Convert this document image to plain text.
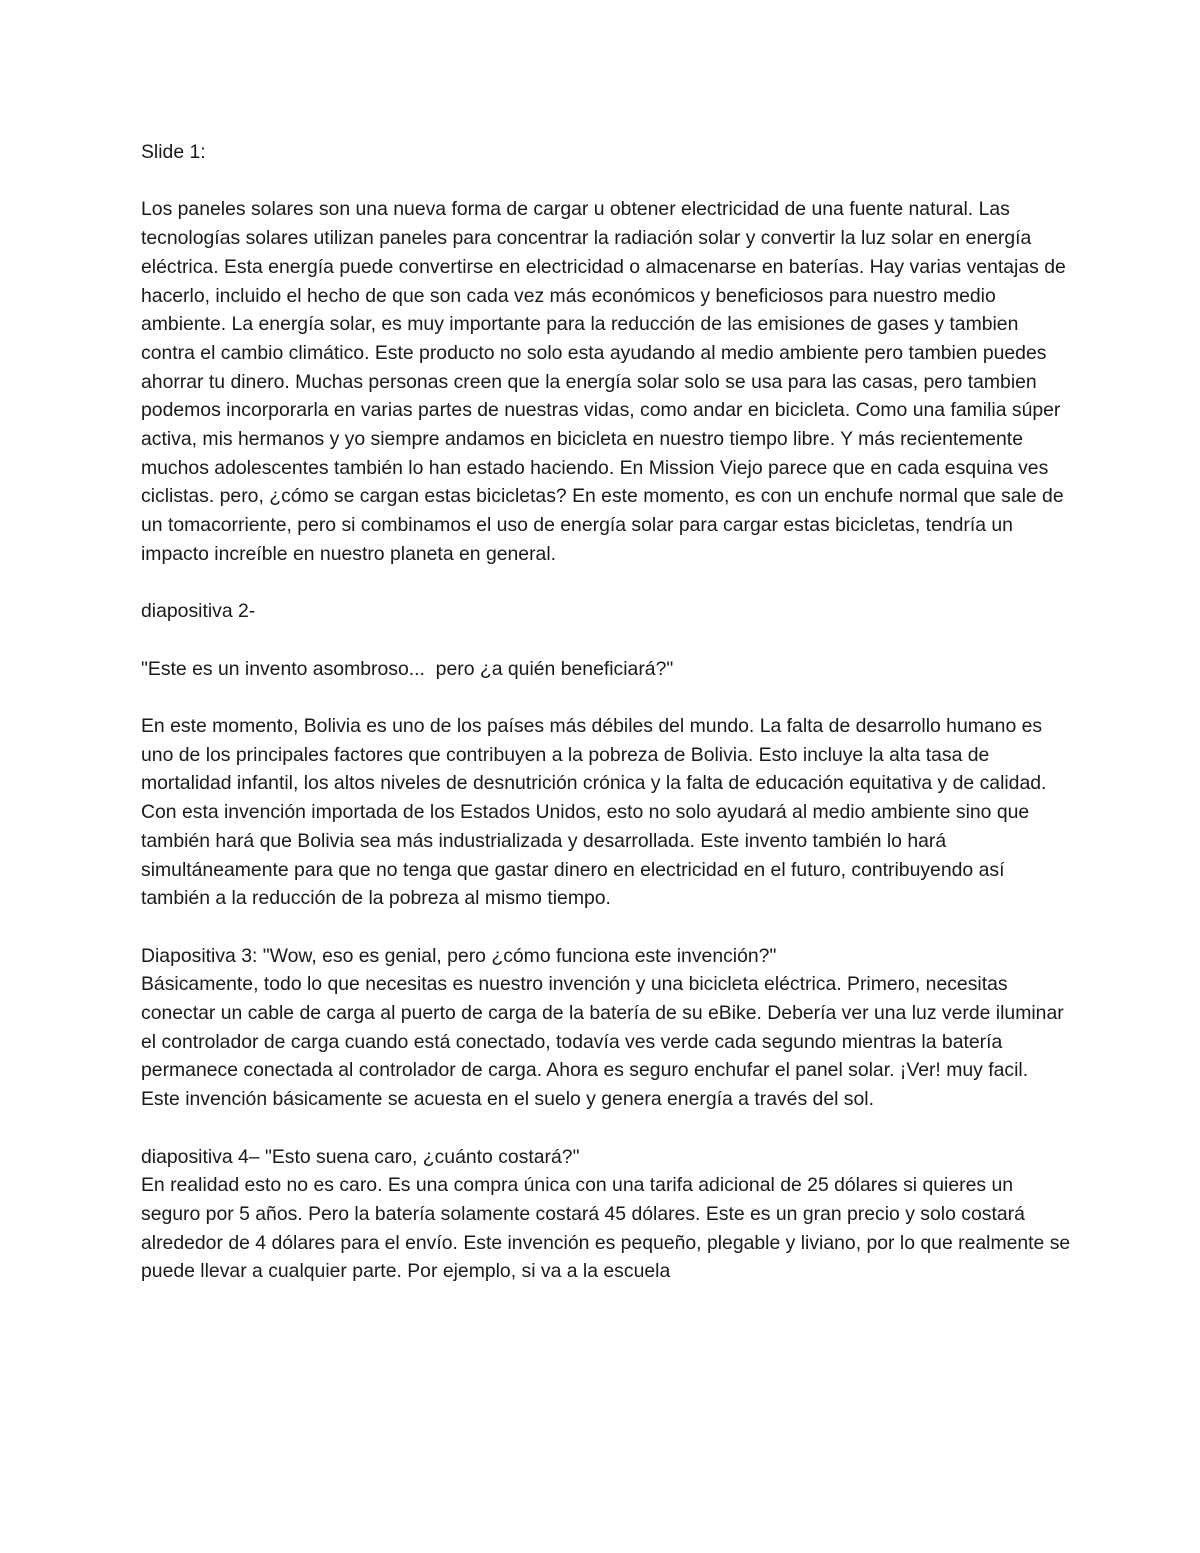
Slide 1:

Los paneles solares son una nueva forma de cargar u obtener electricidad de una fuente natural. Las tecnologías solares utilizan paneles para concentrar la radiación solar y convertir la luz solar en energía eléctrica. Esta energía puede convertirse en electricidad o almacenarse en baterías. Hay varias ventajas de hacerlo, incluido el hecho de que son cada vez más económicos y beneficiosos para nuestro medio ambiente. La energía solar, es muy importante para la reducción de las emisiones de gases y tambien contra el cambio climático. Este producto no solo esta ayudando al medio ambiente pero tambien puedes ahorrar tu dinero. Muchas personas creen que la energía solar solo se usa para las casas, pero tambien podemos incorporarla en varias partes de nuestras vidas, como andar en bicicleta. Como una familia súper activa, mis hermanos y yo siempre andamos en bicicleta en nuestro tiempo libre. Y más recientemente muchos adolescentes también lo han estado haciendo. En Mission Viejo parece que en cada esquina ves ciclistas. pero, ¿cómo se cargan estas bicicletas? En este momento, es con un enchufe normal que sale de un tomacorriente, pero si combinamos el uso de energía solar para cargar estas bicicletas, tendría un impacto increíble en nuestro planeta en general.

diapositiva 2-

"Este es un invento asombroso...  pero ¿a quién beneficiará?"

En este momento, Bolivia es uno de los países más débiles del mundo. La falta de desarrollo humano es uno de los principales factores que contribuyen a la pobreza de Bolivia. Esto incluye la alta tasa de mortalidad infantil, los altos niveles de desnutrición crónica y la falta de educación equitativa y de calidad. Con esta invención importada de los Estados Unidos, esto no solo ayudará al medio ambiente sino que también hará que Bolivia sea más industrializada y desarrollada. Este invento también lo hará simultáneamente para que no tenga que gastar dinero en electricidad en el futuro, contribuyendo así también a la reducción de la pobreza al mismo tiempo.

Diapositiva 3: "Wow, eso es genial, pero ¿cómo funciona este invención?"

Básicamente, todo lo que necesitas es nuestro invención y una bicicleta eléctrica. Primero, necesitas conectar un cable de carga al puerto de carga de la batería de su eBike. Debería ver una luz verde iluminar el controlador de carga cuando está conectado, todavía ves verde cada segundo mientras la batería permanece conectada al controlador de carga. Ahora es seguro enchufar el panel solar. ¡Ver! muy facil. Este invención básicamente se acuesta en el suelo y genera energía a través del sol.

diapositiva 4– "Esto suena caro, ¿cuánto costará?"

En realidad esto no es caro. Es una compra única con una tarifa adicional de 25 dólares si quieres un seguro por 5 años. Pero la batería solamente costará 45 dólares. Este es un gran precio y solo costará alrededor de 4 dólares para el envío. Este invención es pequeño, plegable y liviano, por lo que realmente se puede llevar a cualquier parte. Por ejemplo, si va a la escuela
